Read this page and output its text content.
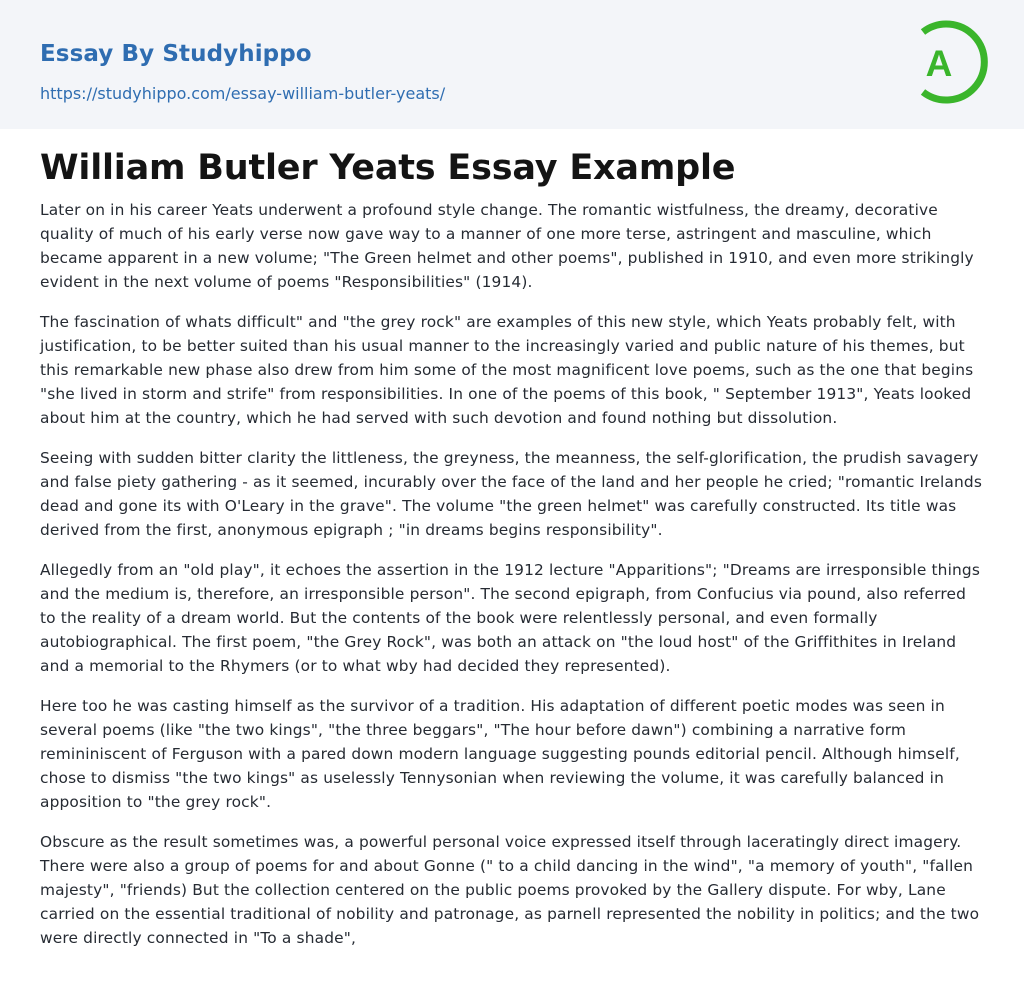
Essay By Studyhippo
https://studyhippo.com/essay-william-butler-yeats/
A
William Butler Yeats Essay Example

Later on in his career Yeats underwent a profound style change. The romantic wistfulness, the dreamy, decorative quality of much of his early verse now gave way to a manner of one more terse, astringent and masculine, which became apparent in a new volume; "The Green helmet and other poems", published in 1910, and even more strikingly evident in the next volume of poems "Responsibilities" (1914).

The fascination of whats difficult" and "the grey rock" are examples of this new style, which Yeats probably felt, with justification, to be better suited than his usual manner to the increasingly varied and public nature of his themes, but this remarkable new phase also drew from him some of the most magnificent love poems, such as the one that begins "she lived in storm and strife" from responsibilities. In one of the poems of this book, " September 1913", Yeats looked about him at the country, which he had served with such devotion and found nothing but dissolution.

Seeing with sudden bitter clarity the littleness, the greyness, the meanness, the self-glorification, the prudish savagery and false piety gathering - as it seemed, incurably over the face of the land and her people he cried; "romantic Irelands dead and gone its with O'Leary in the grave". The volume "the green helmet" was carefully constructed. Its title was derived from the first, anonymous epigraph ; "in dreams begins responsibility".

Allegedly from an "old play", it echoes the assertion in the 1912 lecture "Apparitions"; "Dreams are irresponsible things and the medium is, therefore, an irresponsible person". The second epigraph, from Confucius via pound, also referred to the reality of a dream world. But the contents of the book were relentlessly personal, and even formally autobiographical. The first poem, "the Grey Rock", was both an attack on "the loud host" of the Griffithites in Ireland and a memorial to the Rhymers (or to what wby had decided they represented).

Here too he was casting himself as the survivor of a tradition. His adaptation of different poetic modes was seen in several poems (like "the two kings", "the three beggars", "The hour before dawn") combining a narrative form remininiscent of Ferguson with a pared down modern language suggesting pounds editorial pencil. Although himself, chose to dismiss "the two kings" as uselessly Tennysonian when reviewing the volume, it was carefully balanced in apposition to "the grey rock".

Obscure as the result sometimes was, a powerful personal voice expressed itself through laceratingly direct imagery. There were also a group of poems for and about Gonne (" to a child dancing in the wind", "a memory of youth", "fallen majesty", "friends) But the collection centered on the public poems provoked by the Gallery dispute. For wby, Lane carried on the essential traditional of nobility and patronage, as parnell represented the nobility in politics; and the two were directly connected in "To a shade",
